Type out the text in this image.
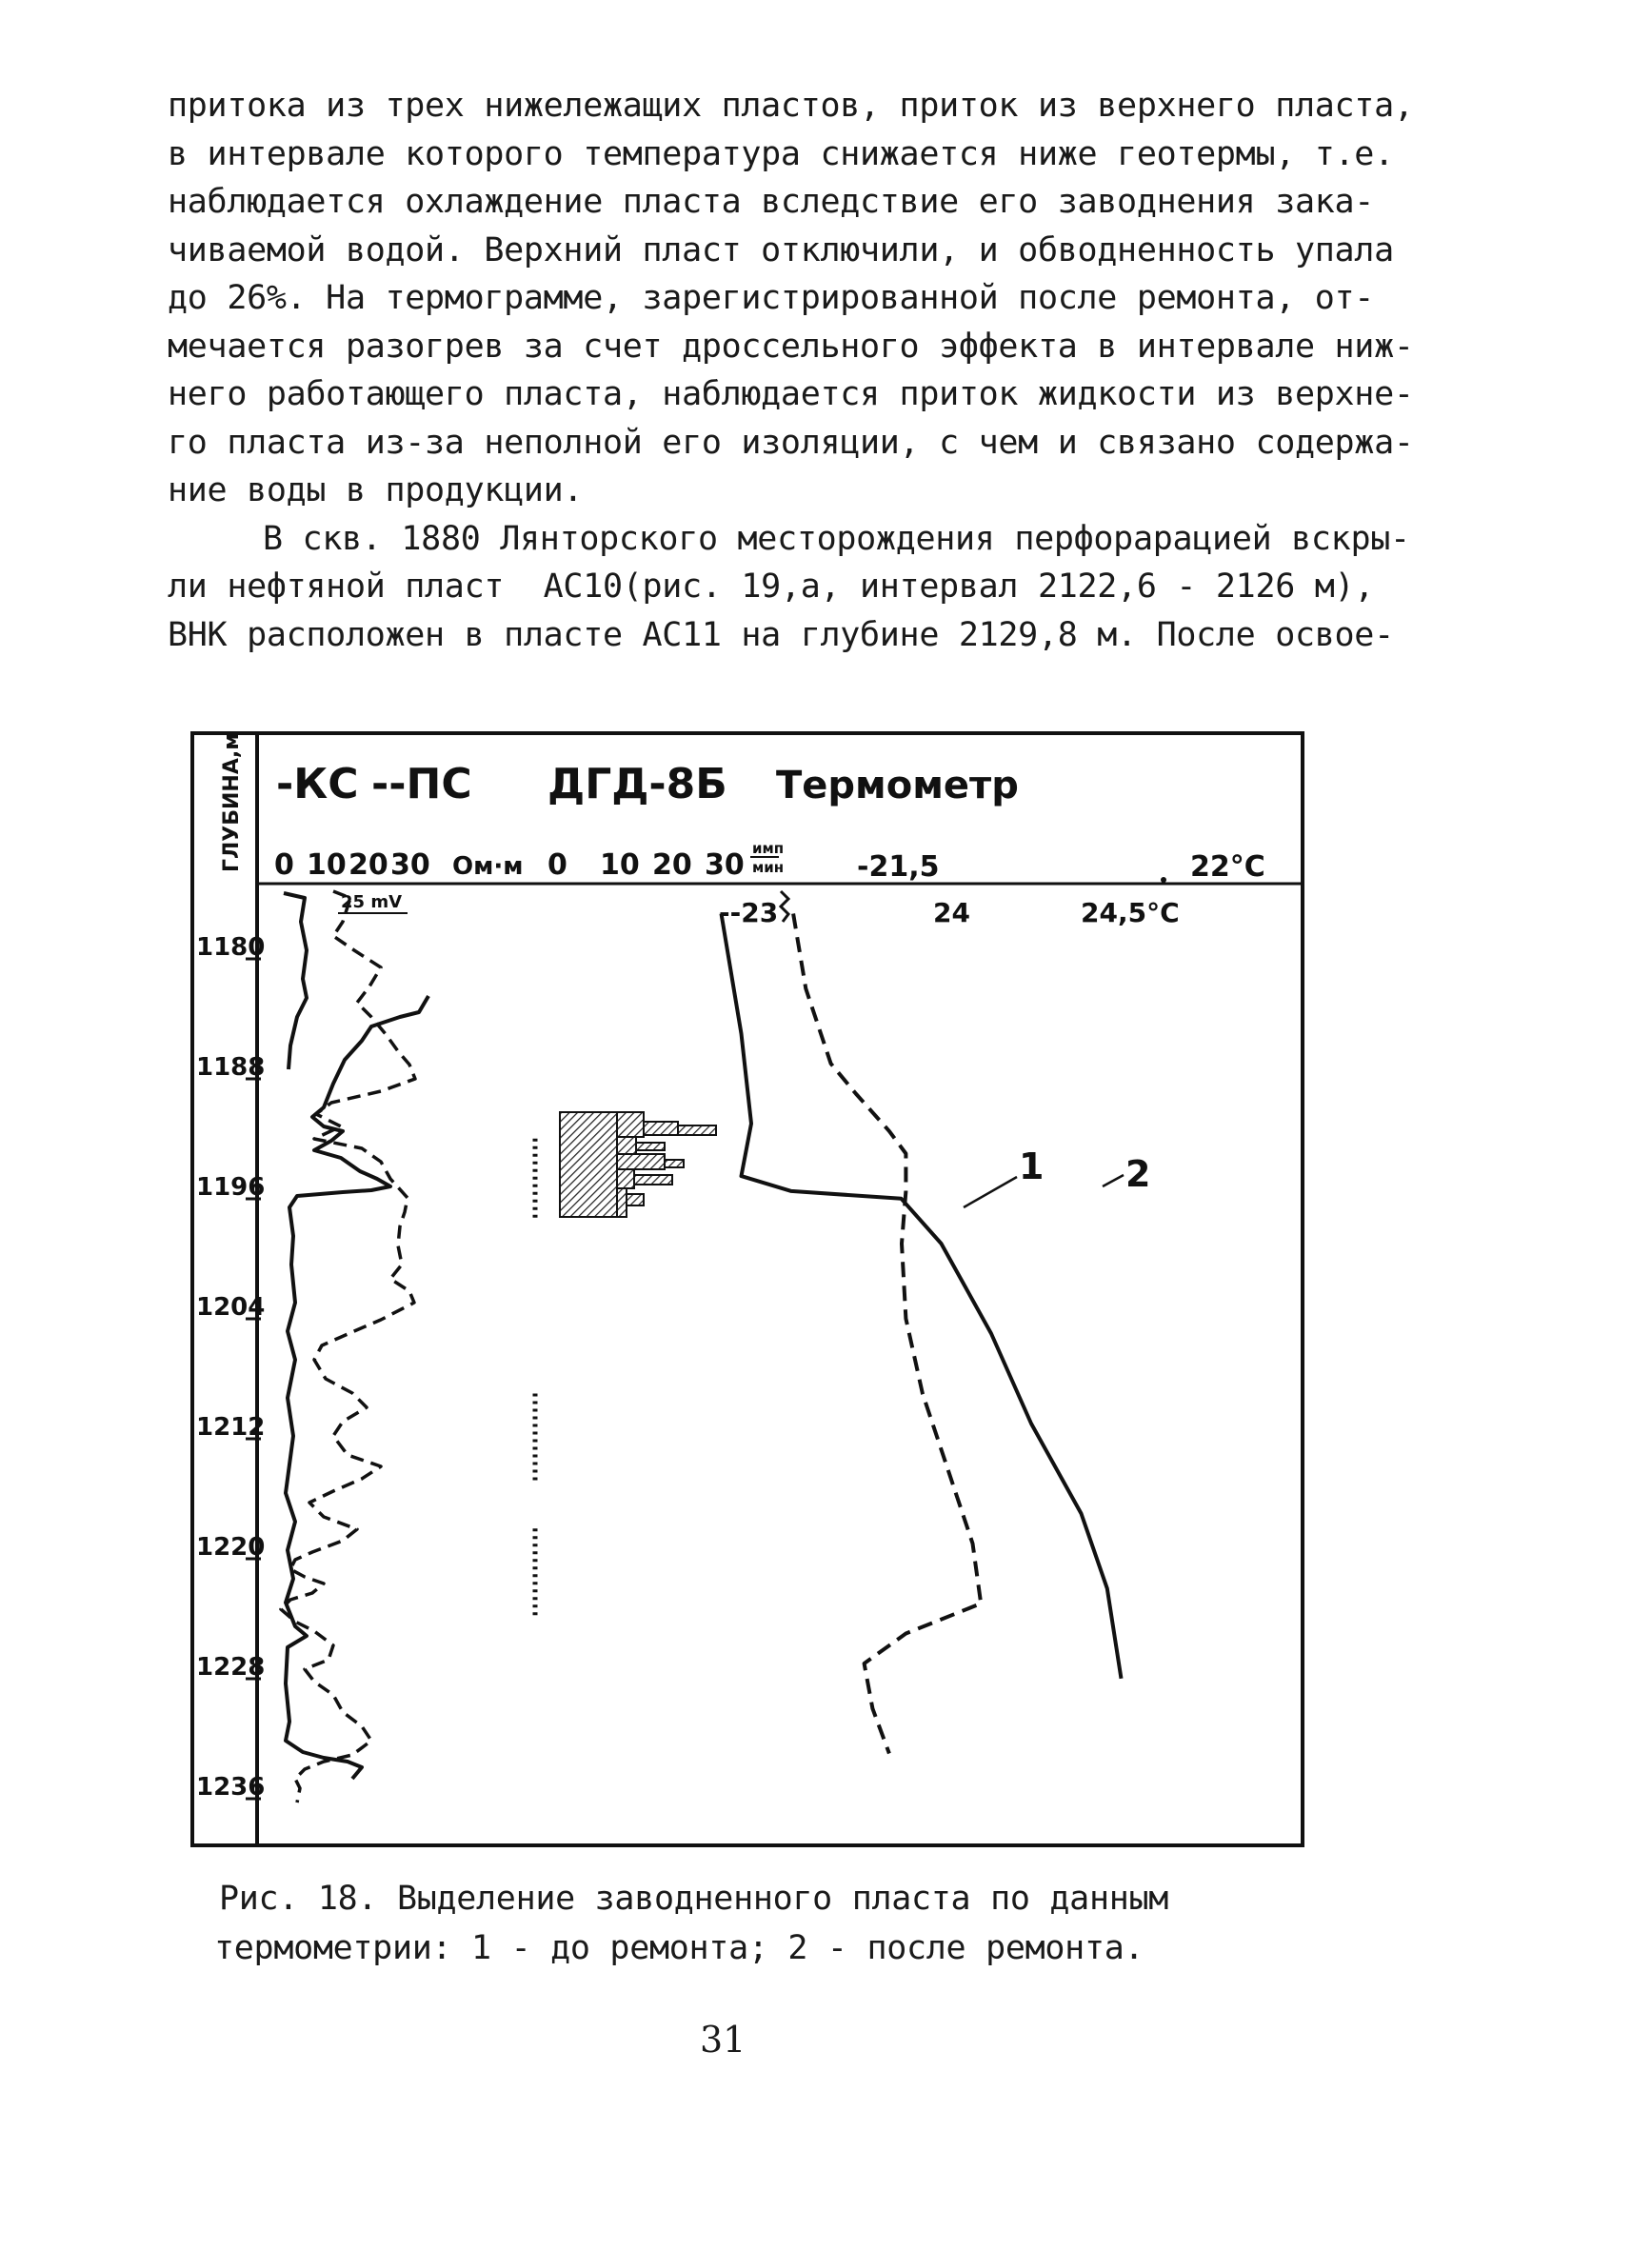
притока из трех нижележащих пластов, приток из верхнего пласта,
в интервале которого температура снижается ниже геотермы, т.е.
наблюдается охлаждение пласта вследствие его заводнения зака-
чиваемой водой. Верхний пласт отключили, и обводненность упала
до 26%. На термограмме, зарегистрированной после ремонта, от-
мечается разогрев за счет дроссельного эффекта в интервале ниж-
него работающего пласта, наблюдается приток жидкости из верхне-
го пласта из-за неполной его изоляции, с чем и связано содержа-
ние воды в продукции.
В скв. 1880 Лянторского месторождения перфорарацией вскры-
ли нефтяной пласт  АС10(рис. 19,а, интервал 2122,6 - 2126 м),
ВНК расположен в пласте АС11 на глубине 2129,8 м. После освое-
ГЛУБИНА,м -КС --ПС ДГД-8Б Термометр
0 10 20 30 Ом·м 0 10 20 30 имп
мин	-21,5	22°С
--23	24	24,5°С
25 mV
1180
1188
1196
1204
1212
1220
1228
1236
1 2
Рис. 18. Выделение заводненного пласта по данным
термометрии: 1 - до ремонта; 2 - после ремонта.
31
